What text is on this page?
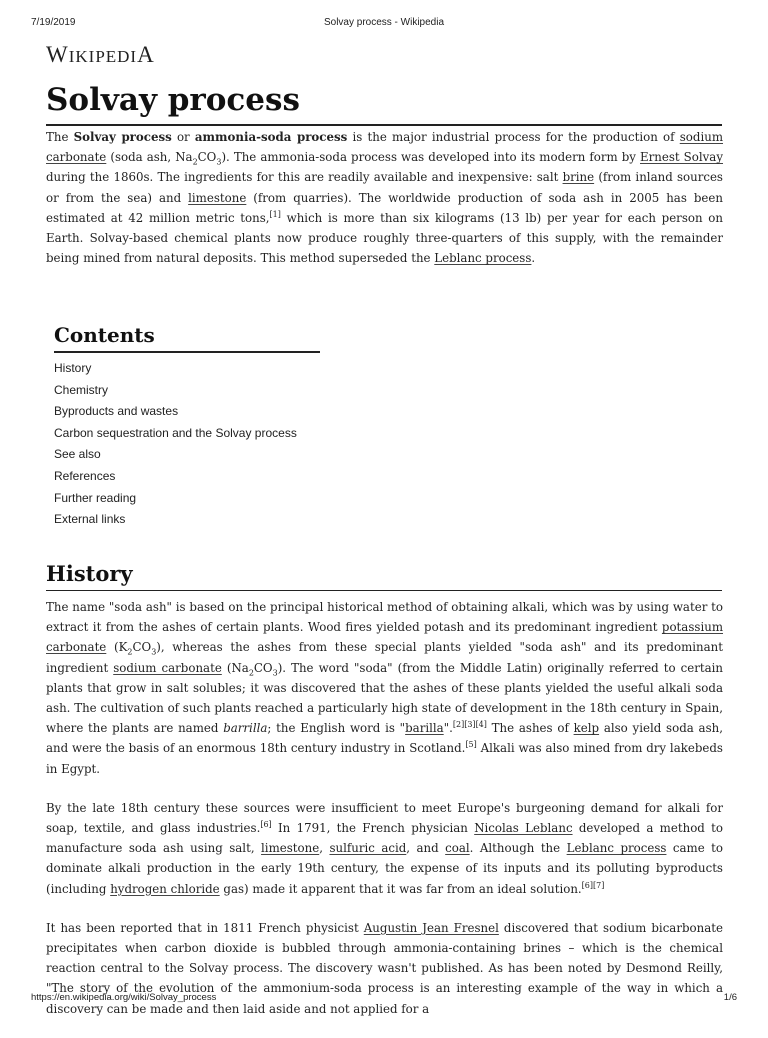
7/19/2019	Solvay process - Wikipedia
WIKIPEDIA
Solvay process

The Solvay process or ammonia-soda process is the major industrial process for the production of sodium carbonate (soda ash, $Na_2CO_3$). The ammonia-soda process was developed into its modern form by Ernest Solvay during the 1860s. The ingredients for this are readily available and inexpensive: salt brine (from inland sources or from the sea) and limestone (from quarries). The worldwide production of soda ash in 2005 has been estimated at 42 million metric tons,[1] which is more than six kilograms (13 lb) per year for each person on Earth. Solvay-based chemical plants now produce roughly three-quarters of this supply, with the remainder being mined from natural deposits. This method superseded the Leblanc process.

Contents
History
Chemistry
Byproducts and wastes
Carbon sequestration and the Solvay process
See also
References
Further reading
External links
History

The name "soda ash" is based on the principal historical method of obtaining alkali, which was by using water to extract it from the ashes of certain plants. Wood fires yielded potash and its predominant ingredient potassium carbonate $(K_2CO_3)$, whereas the ashes from these special plants yielded "soda ash" and its predominant ingredient sodium carbonate $(Na_2CO_3)$. The word "soda" (from the Middle Latin) originally referred to certain plants that grow in salt solubles; it was discovered that the ashes of these plants yielded the useful alkali soda ash. The cultivation of such plants reached a particularly high state of development in the 18th century in Spain, where the plants are named barrilla; the English word is "barilla".[2][3][4] The ashes of kelp also yield soda ash, and were the basis of an enormous 18th century industry in Scotland.[5] Alkali was also mined from dry lakebeds in Egypt.

By the late 18th century these sources were insufficient to meet Europe's burgeoning demand for alkali for soap, textile, and glass industries.[6] In 1791, the French physician Nicolas Leblanc developed a method to manufacture soda ash using salt, limestone, sulfuric acid, and coal. Although the Leblanc process came to dominate alkali production in the early 19th century, the expense of its inputs and its polluting byproducts (including hydrogen chloride gas) made it apparent that it was far from an ideal solution.[6][7]

It has been reported that in 1811 French physicist Augustin Jean Fresnel discovered that sodium bicarbonate precipitates when carbon dioxide is bubbled through ammonia-containing brines – which is the chemical reaction central to the Solvay process. The discovery wasn't published. As has been noted by Desmond Reilly, "The story of the evolution of the ammonium-soda process is an interesting example of the way in which a discovery can be made and then laid aside and not applied for a

https://en.wikipedia.org/wiki/Solvay_process	1/6
